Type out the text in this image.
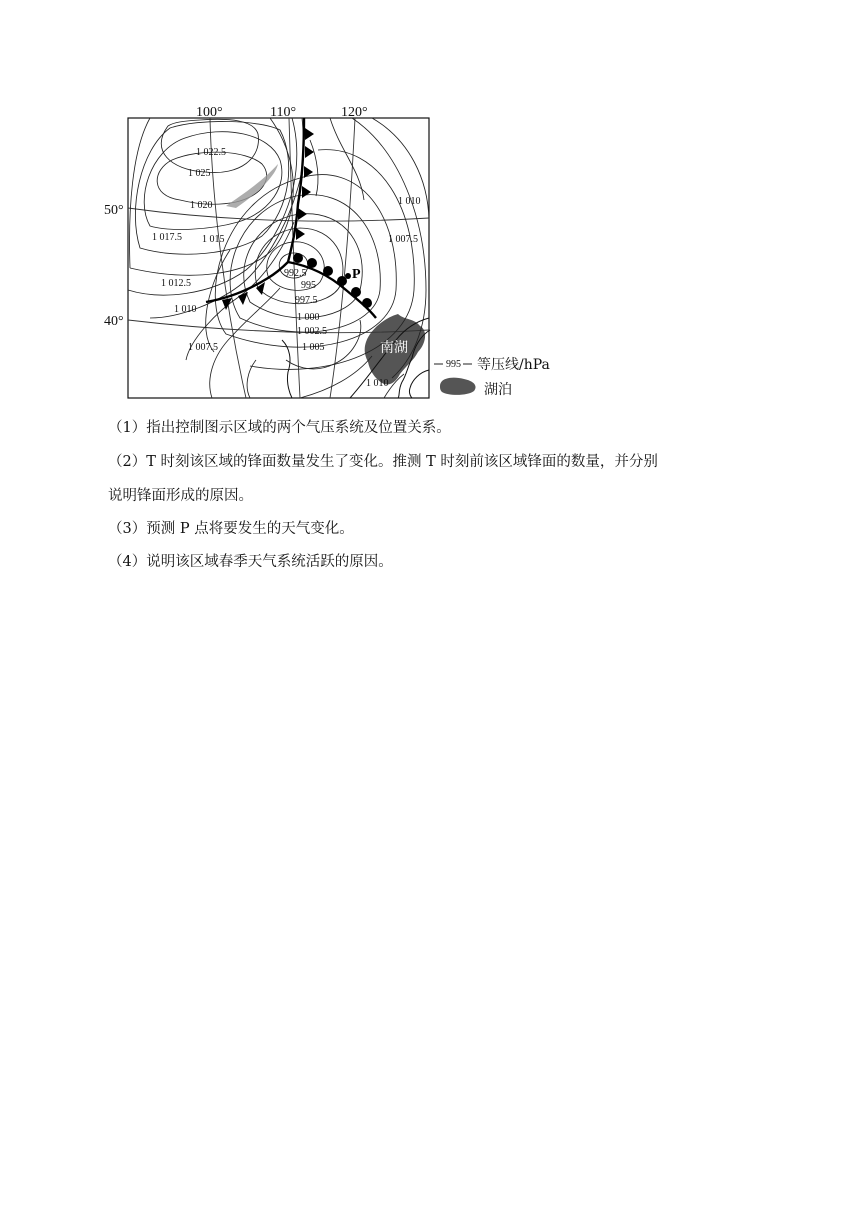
100°	110°	120°
50°
40°
1 022.5
1 025
1 020
1 017.5 1 015
1 012.5
1 010
1 007.5
1 010
1 007.5
992.5
995
997.5
1 000
1 002.5
1 005
1 010
P
南湖
995 等压线/hPa
湖泊

（1）指出控制图示区域的两个气压系统及位置关系。

（2）T 时刻该区域的锋面数量发生了变化。推测 T 时刻前该区域锋面的数量，并分别

说明锋面形成的原因。

（3）预测 P 点将要发生的天气变化。

（4）说明该区域春季天气系统活跃的原因。
